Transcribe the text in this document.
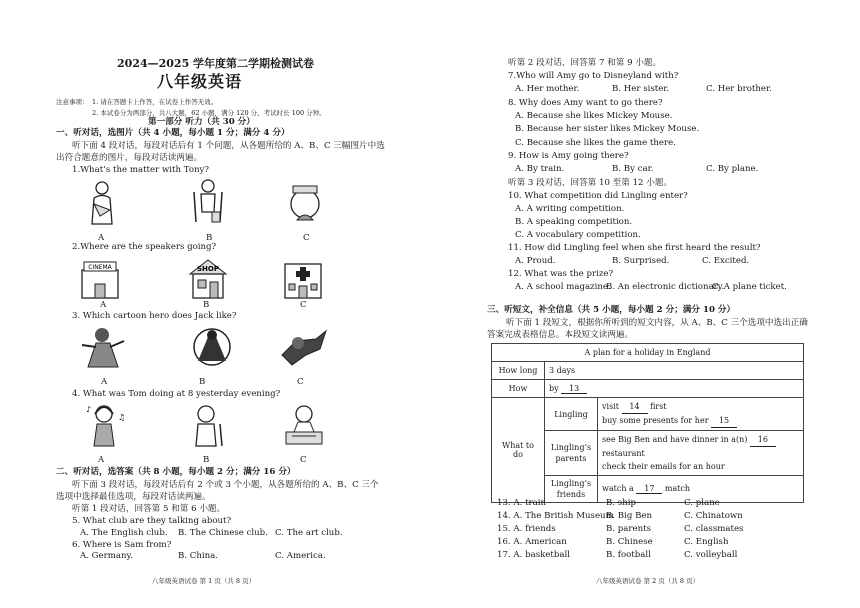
2024—2025 学年度第二学期检测试卷
八年级英语
注意事项： 1. 请在答题卡上作答，在试卷上作答无效。
2. 本试卷分为两部分，共八大题，62 小题，满分 120 分，考试时长 100 分钟。
第一部分 听力（共 30 分）
一、听对话，选图片（共 4 小题，每小题 1 分；满分 4 分）
听下面 4 段对话，每段对话后有 1 个问题，从各题所给的 A、B、C 三幅图片中选
出符合题意的图片，每段对话读两遍。
1.What’s the matter with Tony?
A	B	C
2.Where are the speakers going?
CINEMA	SHOP
A	B	C
3. Which cartoon hero does Jack like?
A	B	C
4. What was Tom doing at 8 yesterday evening?
♪
♫
A	B	C
二、听对话，选答案（共 8 小题，每小题 2 分；满分 16 分）
听下面 3 段对话，每段对话后有 2 个或 3 个小题，从各题所给的 A、B、C 三个
选项中选择最佳选项，每段对话读两遍。
听第 1 段对话，回答第 5 和第 6 小题。
5. What club are they talking about?
A. The English club. B. The Chinese club. C. The art club.
6. Where is Sam from?
A. Germany.	B. China.	C. America.
八年级英语试卷 第 1 页（共 8 页）
听第 2 段对话，回答第 7 和第 9 小题。
7.Who will Amy go to Disneyland with?
A. Her mother.	B. Her sister.	C. Her brother.
8. Why does Amy want to go there?
A. Because she likes Mickey Mouse.
B. Because her sister likes Mickey Mouse.
C. Because she likes the game there.
9. How is Amy going there?
A. By train.	B. By car.	C. By plane.
听第 3 段对话，回答第 10 至第 12 小题。
10. What competition did Lingling enter?
A. A writing competition.
B. A speaking competition.
C. A vocabulary competition.
11. How did Lingling feel when she first heard the result?
A. Proud.	B. Surprised.	C. Excited.
12. What was the prize?
A. A school magazine.
B. An electronic dictionary.
C. A plane ticket.
三、听短文，补全信息（共 5 小题，每小题 2 分；满分 10 分）
听下面 1 段短文，根据你所听到的短文内容，从 A、B、C 三个选项中选出正确
答案完成表格信息。本段短文读两遍。
A plan for a holiday in England		
How long	3 days	
How	by 13	
What to do	Lingling	visit 14 first
buy some presents for her 15
	Lingling’s parents	see Big Ben and have dinner in a(n) 16 restaurant
check their emails for an hour
	Lingling’s friends	watch a 17 match
13. A. train	B. ship	C. plane
14. A. The British Museum
B. Big Ben	C. Chinatown
15. A. friends	B. parents	C. classmates
16. A. American	B. Chinese	C. English
17. A. basketball	B. football	C. volleyball
八年级英语试卷 第 2 页（共 8 页）
